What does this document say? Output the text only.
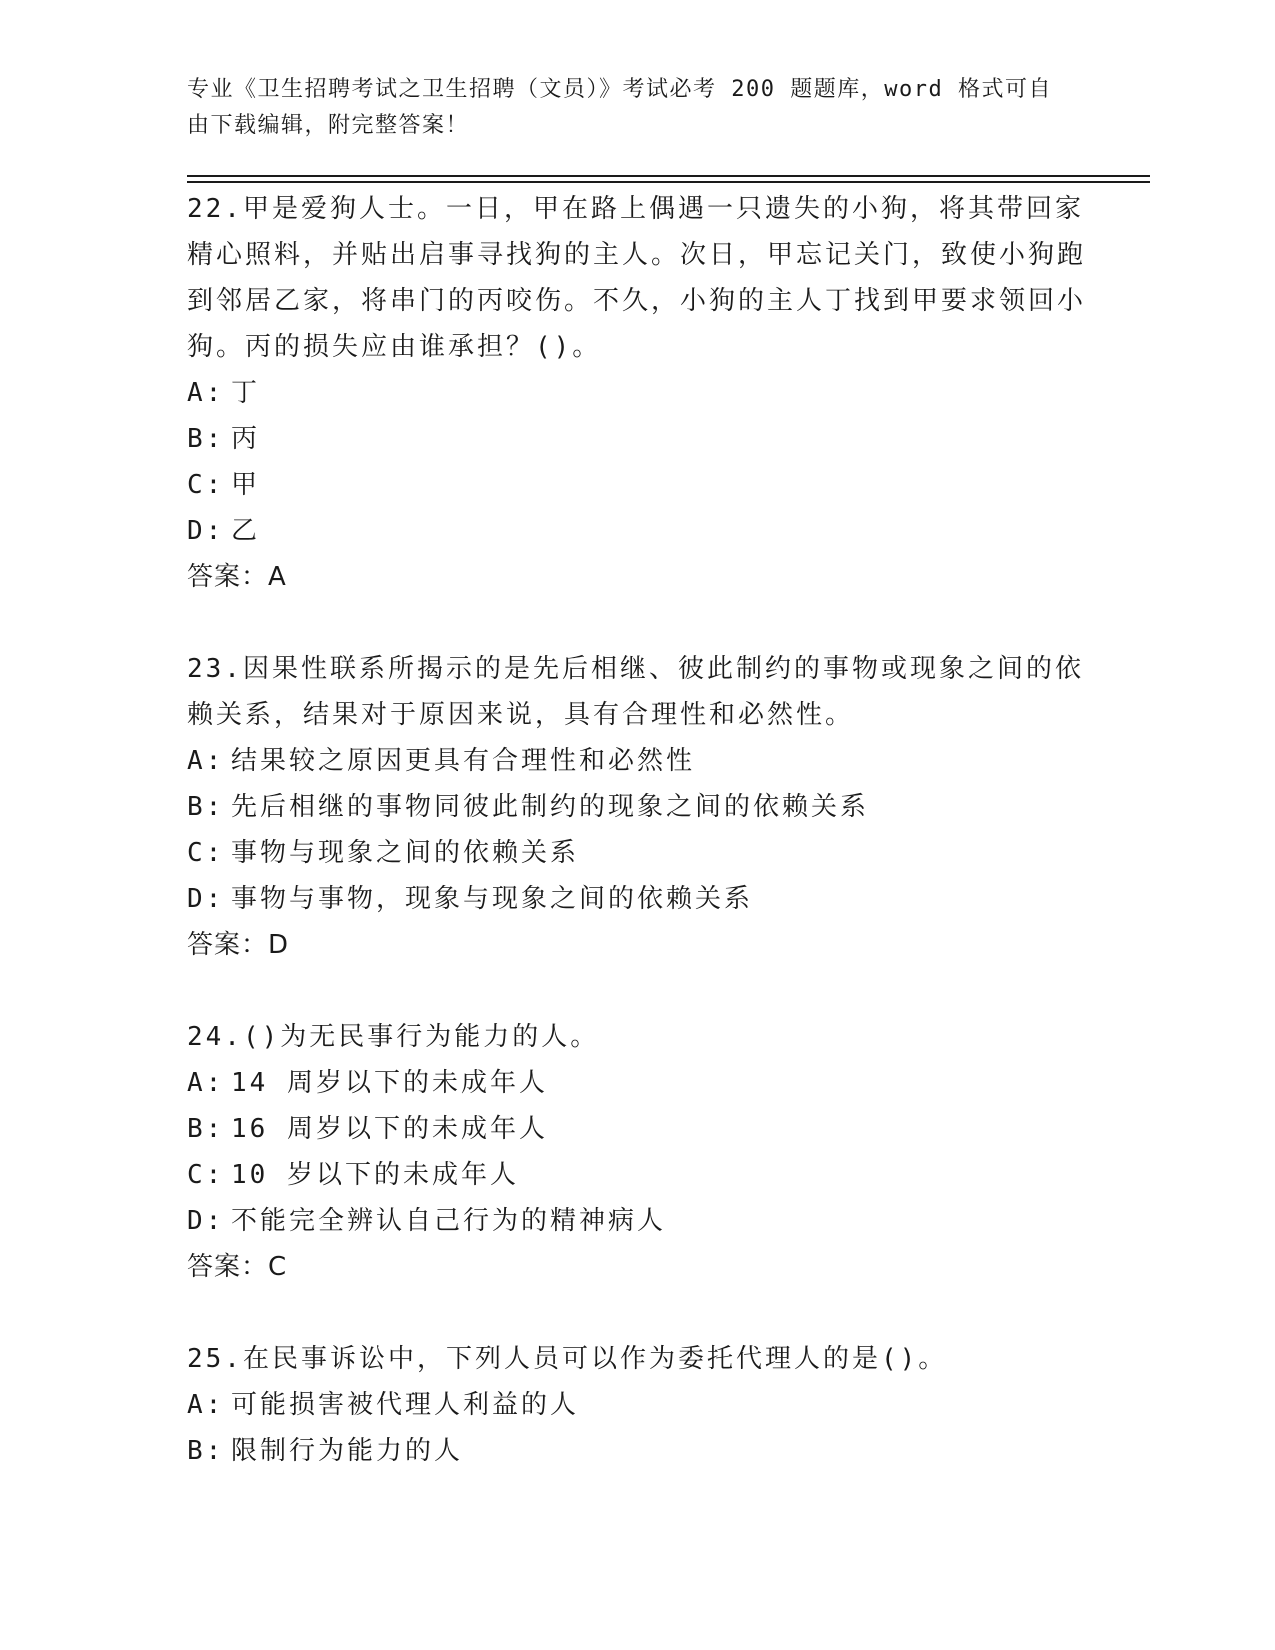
专业《卫生招聘考试之卫生招聘（文员）》考试必考 200 题题库，word 格式可自由下载编辑，附完整答案！
22.甲是爱狗人士。一日，甲在路上偶遇一只遗失的小狗，将其带回家精心照料，并贴出启事寻找狗的主人。次日，甲忘记关门，致使小狗跑到邻居乙家，将串门的丙咬伤。不久，小狗的主人丁找到甲要求领回小狗。丙的损失应由谁承担？()。
A: 丁
B: 丙
C: 甲
D: 乙
答案：A
23.因果性联系所揭示的是先后相继、彼此制约的事物或现象之间的依赖关系，结果对于原因来说，具有合理性和必然性。
A: 结果较之原因更具有合理性和必然性
B: 先后相继的事物同彼此制约的现象之间的依赖关系
C: 事物与现象之间的依赖关系
D: 事物与事物，现象与现象之间的依赖关系
答案：D
24.()为无民事行为能力的人。
A: 14 周岁以下的未成年人
B: 16 周岁以下的未成年人
C: 10 岁以下的未成年人
D: 不能完全辨认自己行为的精神病人
答案：C
25.在民事诉讼中，下列人员可以作为委托代理人的是()。
A: 可能损害被代理人利益的人
B: 限制行为能力的人
